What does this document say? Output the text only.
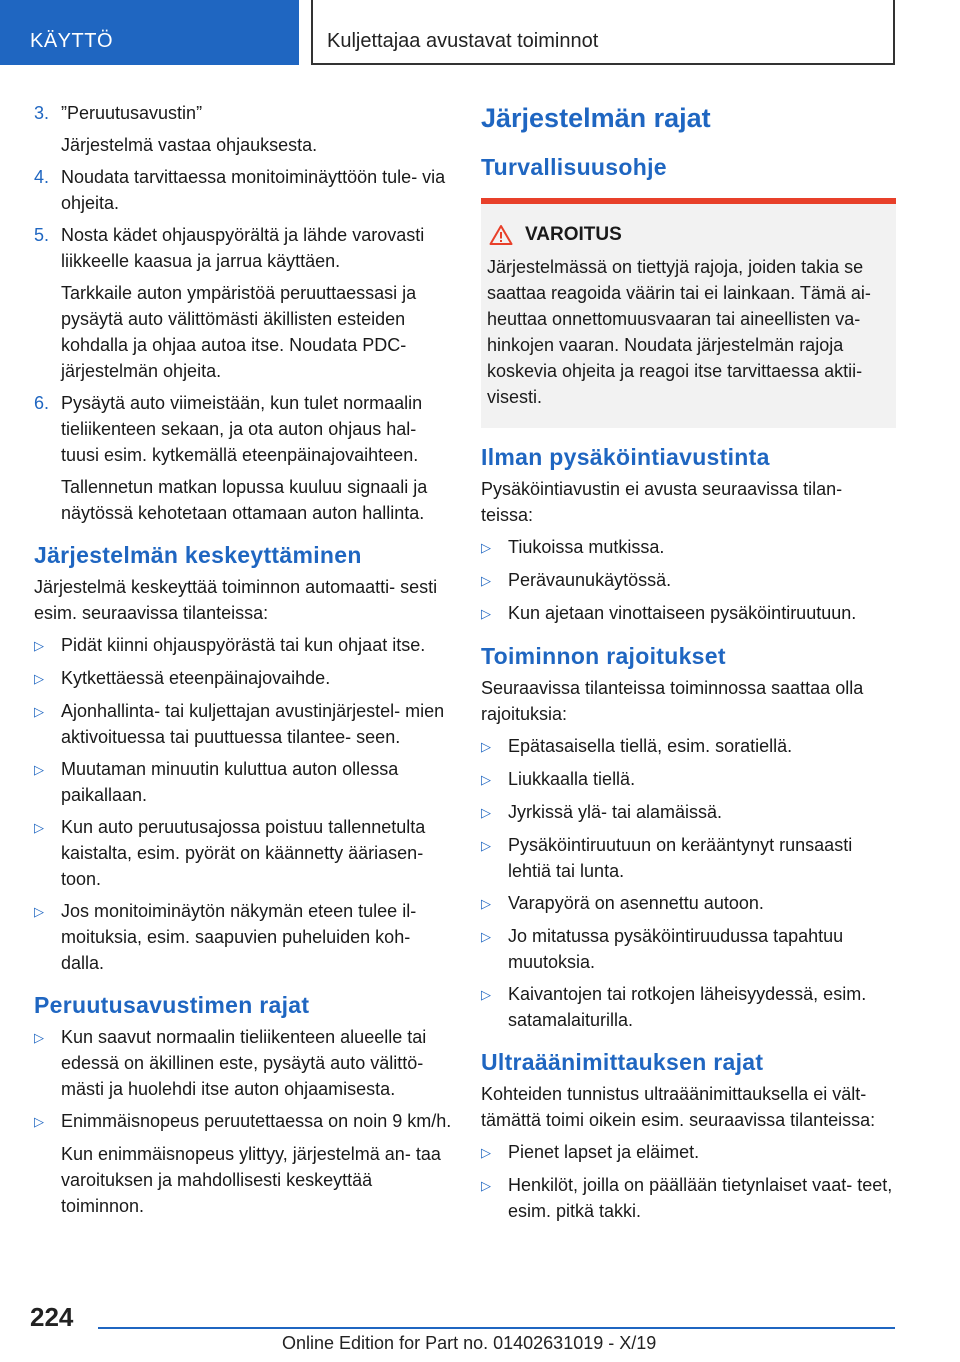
KÄYTTÖ	Kuljettajaa avustavat toiminnot
3. ”Peruutusavustin”
Järjestelmä vastaa ohjauksesta.
4. Noudata tarvittaessa monitoiminäyttöön tule- via ohjeita.
5. Nosta kädet ohjauspyörältä ja lähde varovasti liikkeelle kaasua ja jarrua käyttäen.
Tarkkaile auton ympäristöä peruuttaessasi ja pysäytä auto välittömästi äkillisten esteiden kohdalla ja ohjaa autoa itse. Noudata PDC- järjestelmän ohjeita.
6. Pysäytä auto viimeistään, kun tulet normaalin tieliikenteen sekaan, ja ota auton ohjaus hal- tuusi esim. kytkemällä eteenpäinajovaihteen.
Tallennetun matkan lopussa kuuluu signaali ja näytössä kehotetaan ottamaan auton hallinta.
Järjestelmän keskeyttäminen
Järjestelmä keskeyttää toiminnon automaatti- sesti esim. seuraavissa tilanteissa:
▷ Pidät kiinni ohjauspyörästä tai kun ohjaat itse.
▷ Kytkettäessä eteenpäinajovaihde.
▷ Ajonhallinta- tai kuljettajan avustinjärjestel- mien aktivoituessa tai puuttuessa tilantee- seen.
▷ Muutaman minuutin kuluttua auton ollessa paikallaan.
▷ Kun auto peruutusajossa poistuu tallennetulta kaistalta, esim. pyörät on käännetty ääriasen- toon.
▷ Jos monitoiminäytön näkymän eteen tulee il- moituksia, esim. saapuvien puheluiden koh- dalla.
Peruutusavustimen rajat
▷ Kun saavut normaalin tieliikenteen alueelle tai edessä on äkillinen este, pysäytä auto välittö- mästi ja huolehdi itse auton ohjaamisesta.
▷ Enimmäisnopeus peruutettaessa on noin 9 km/h.
Kun enimmäisnopeus ylittyy, järjestelmä an- taa varoituksen ja mahdollisesti keskeyttää toiminnon.
Järjestelmän rajat
Turvallisuusohje
VAROITUS

Järjestelmässä on tiettyjä rajoja, joiden takia se saattaa reagoida väärin tai ei lainkaan. Tämä ai- heuttaa onnettomuusvaaran tai aineellisten va- hinkojen vaaran. Noudata järjestelmän rajoja koskevia ohjeita ja reagoi itse tarvittaessa aktii- visesti.

Ilman pysäköintiavustinta
Pysäköintiavustin ei avusta seuraavissa tilan- teissa:
▷ Tiukoissa mutkissa.
▷ Perävaunukäytössä.
▷ Kun ajetaan vinottaiseen pysäköintiruutuun.
Toiminnon rajoitukset
Seuraavissa tilanteissa toiminnossa saattaa olla rajoituksia:
▷ Epätasaisella tiellä, esim. soratiellä.
▷ Liukkaalla tiellä.
▷ Jyrkissä ylä- tai alamäissä.
▷ Pysäköintiruutuun on kerääntynyt runsaasti lehtiä tai lunta.
▷ Varapyörä on asennettu autoon.
▷ Jo mitatussa pysäköintiruudussa tapahtuu muutoksia.
▷ Kaivantojen tai rotkojen läheisyydessä, esim. satamalaiturilla.
Ultraäänimittauksen rajat
Kohteiden tunnistus ultraäänimittauksella ei vält- tämättä toimi oikein esim. seuraavissa tilanteissa:
▷ Pienet lapset ja eläimet.
▷ Henkilöt, joilla on päällään tietynlaiset vaat- teet, esim. pitkä takki.
224
Online Edition for Part no. 01402631019 - X/19
